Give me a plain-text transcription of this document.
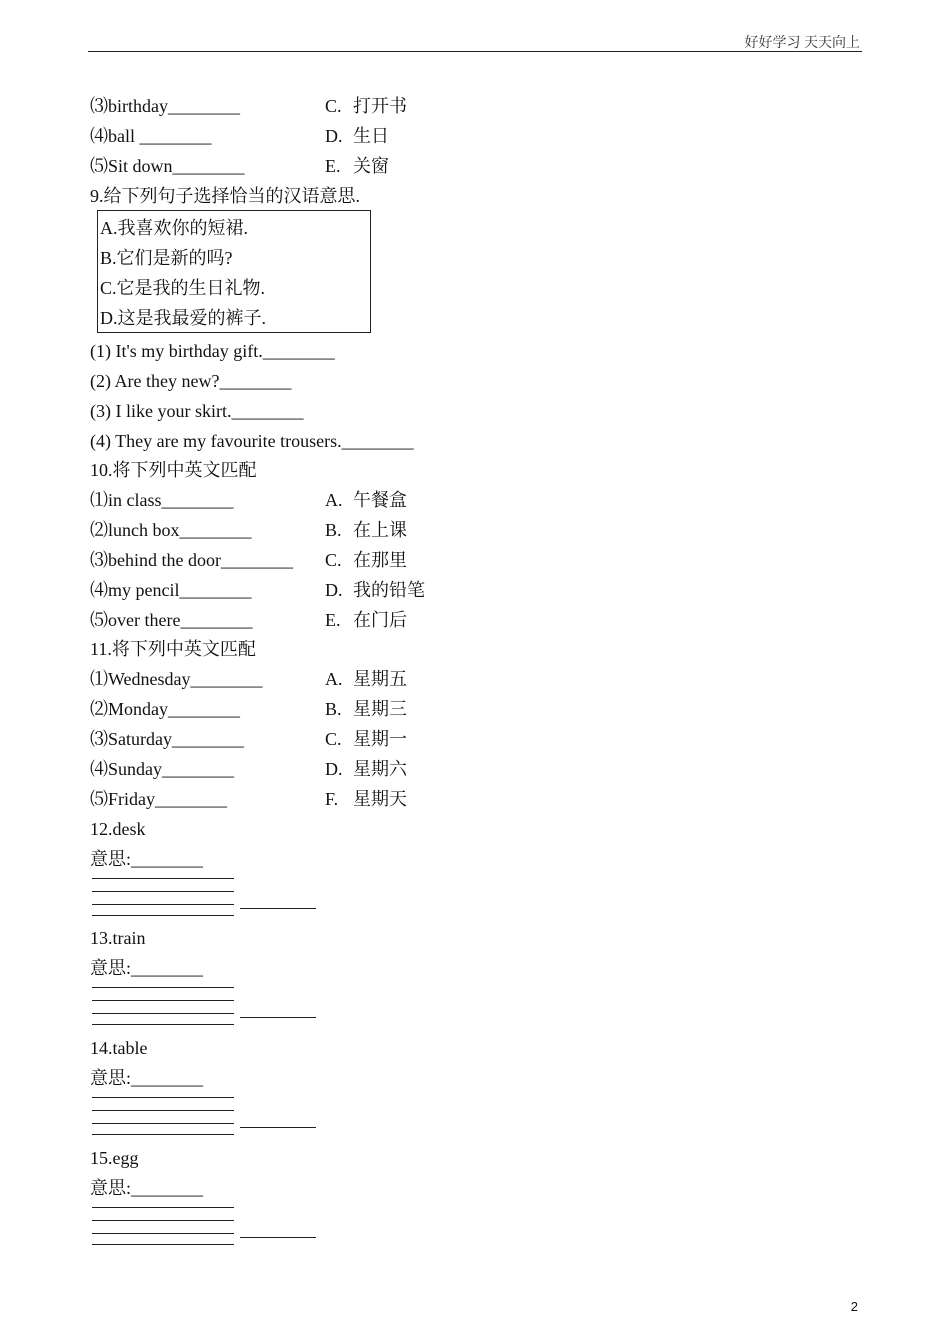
好好学习 天天向上
⑶birthday________
⑷ball ________
⑸Sit down________
C. 打开书
D. 生日
E. 关窗
9.给下列句子选择恰当的汉语意思.
A.我喜欢你的短裙.
B.它们是新的吗?
C.它是我的生日礼物.
D.这是我最爱的裤子.
(1) It's my birthday gift.________
(2) Are they new?________
(3) I like your skirt.________
(4) They are my favourite trousers.________
10.将下列中英文匹配
⑴in class________
⑵lunch box________
⑶behind the door________
⑷my pencil________
⑸over there________
A. 午餐盒
B. 在上课
C. 在那里
D. 我的铅笔
E. 在门后
11.将下列中英文匹配
⑴Wednesday________
⑵Monday________
⑶Saturday________
⑷Sunday________
⑸Friday________
A. 星期五
B. 星期三
C. 星期一
D. 星期六
F. 星期天
12.desk
意思:________
13.train
意思:________
14.table
意思:________
15.egg
意思:________
2
